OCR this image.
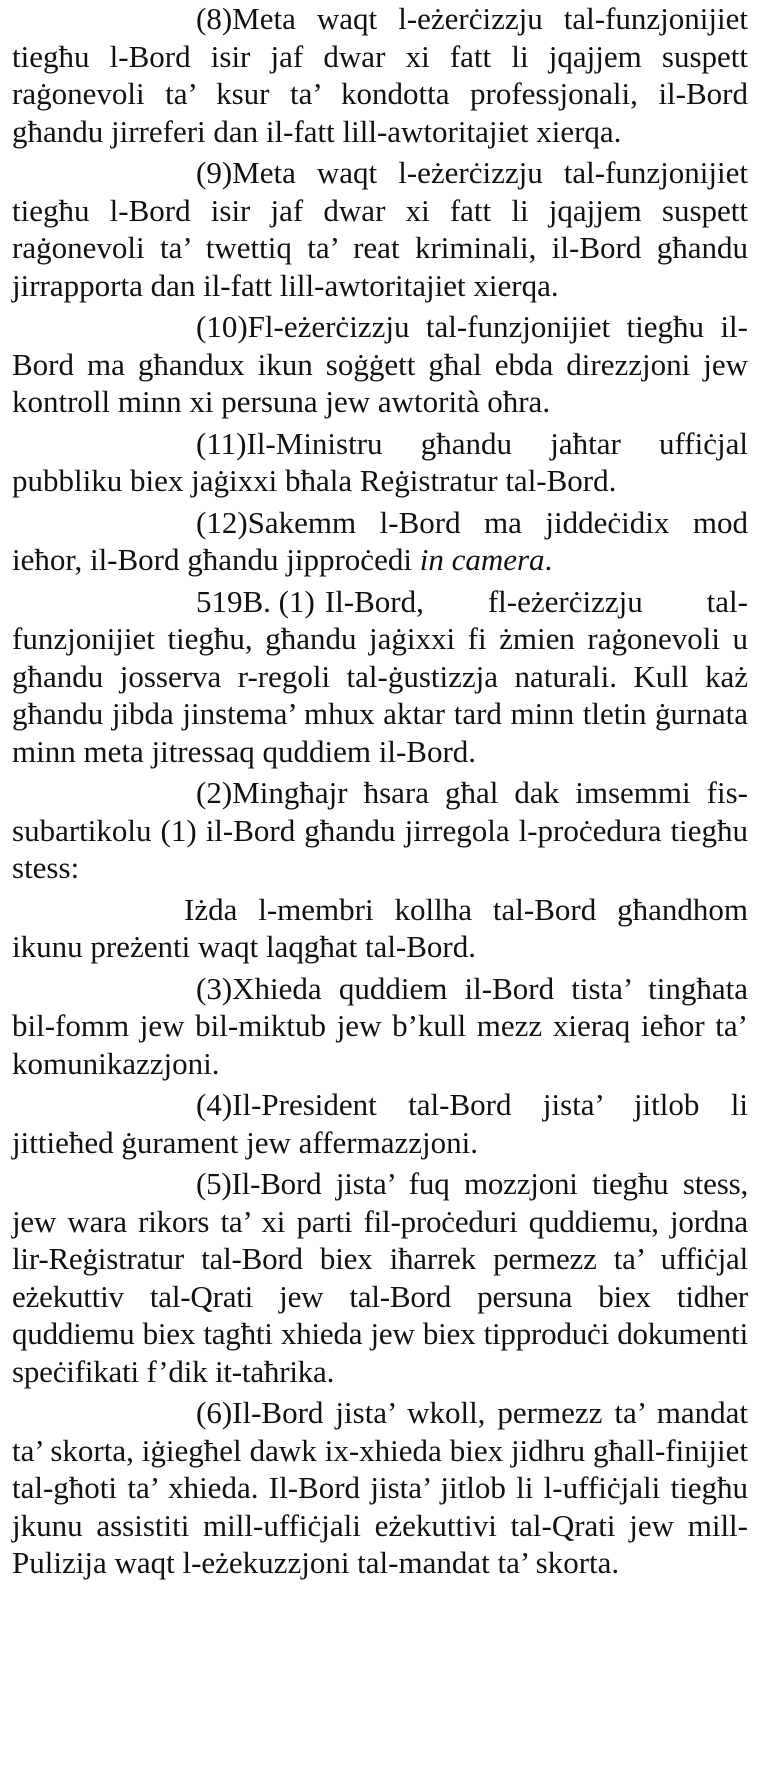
(8)Meta waqt l-eżerċizzju tal-funzjonijiet tiegħu l-Bord isir jaf dwar xi fatt li jqajjem suspett raġonevoli ta’ ksur ta’ kondotta professjonali, il-Bord għandu jirreferi dan il-fatt lill-awtoritajiet xierqa.

(9)Meta waqt l-eżerċizzju tal-funzjonijiet tiegħu l-Bord isir jaf dwar xi fatt li jqajjem suspett raġonevoli ta’ twettiq ta’ reat kriminali, il-Bord għandu jirrapporta dan il-fatt lill-awtoritajiet xierqa.

(10)Fl-eżerċizzju tal-funzjonijiet tiegħu il-Bord ma għandux ikun soġġett għal ebda direzzjoni jew kontroll minn xi persuna jew awtorità oħra.

(11)Il-Ministru għandu jaħtar uffiċjal pubbliku biex jaġixxi bħala Reġistratur tal-Bord.

(12)Sakemm l-Bord ma jiddeċidix mod ieħor, il-Bord għandu jipproċedi in camera.

519B. (1) Il-Bord, fl-eżerċizzju tal-funzjonijiet tiegħu, għandu jaġixxi fi żmien raġonevoli u għandu josserva r-regoli tal-ġustizzja naturali. Kull każ għandu jibda jinstema’ mhux aktar tard minn tletin ġurnata minn meta jitressaq quddiem il-Bord.

(2)Mingħajr ħsara għal dak imsemmi fis-subartikolu (1) il-Bord għandu jirregola l-proċedura tiegħu stess:

Iżda l-membri kollha tal-Bord għandhom ikunu preżenti waqt laqgħat tal-Bord.

(3)Xhieda quddiem il-Bord tista’ tingħata bil-fomm jew bil-miktub jew b’kull mezz xieraq ieħor ta’ komunikazzjoni.

(4)Il-President tal-Bord jista’ jitlob li jittieħed ġurament jew affermazzjoni.

(5)Il-Bord jista’ fuq mozzjoni tiegħu stess, jew wara rikors ta’ xi parti fil-proċeduri quddiemu, jordna lir-Reġistratur tal-Bord biex iħarrek permezz ta’ uffiċjal eżekuttiv tal-Qrati jew tal-Bord persuna biex tidher quddiemu biex tagħti xhieda jew biex tipproduċi dokumenti speċifikati f’dik it-taħrika.

(6)Il-Bord jista’ wkoll, permezz ta’ mandat ta’ skorta, iġiegħel dawk ix-xhieda biex jidhru għall-finijiet tal-għoti ta’ xhieda. Il-Bord jista’ jitlob li l-uffiċjali tiegħu jkunu assistiti mill-uffiċjali eżekuttivi tal-Qrati jew mill-Pulizija waqt l-eżekuzzjoni tal-mandat ta’ skorta.
